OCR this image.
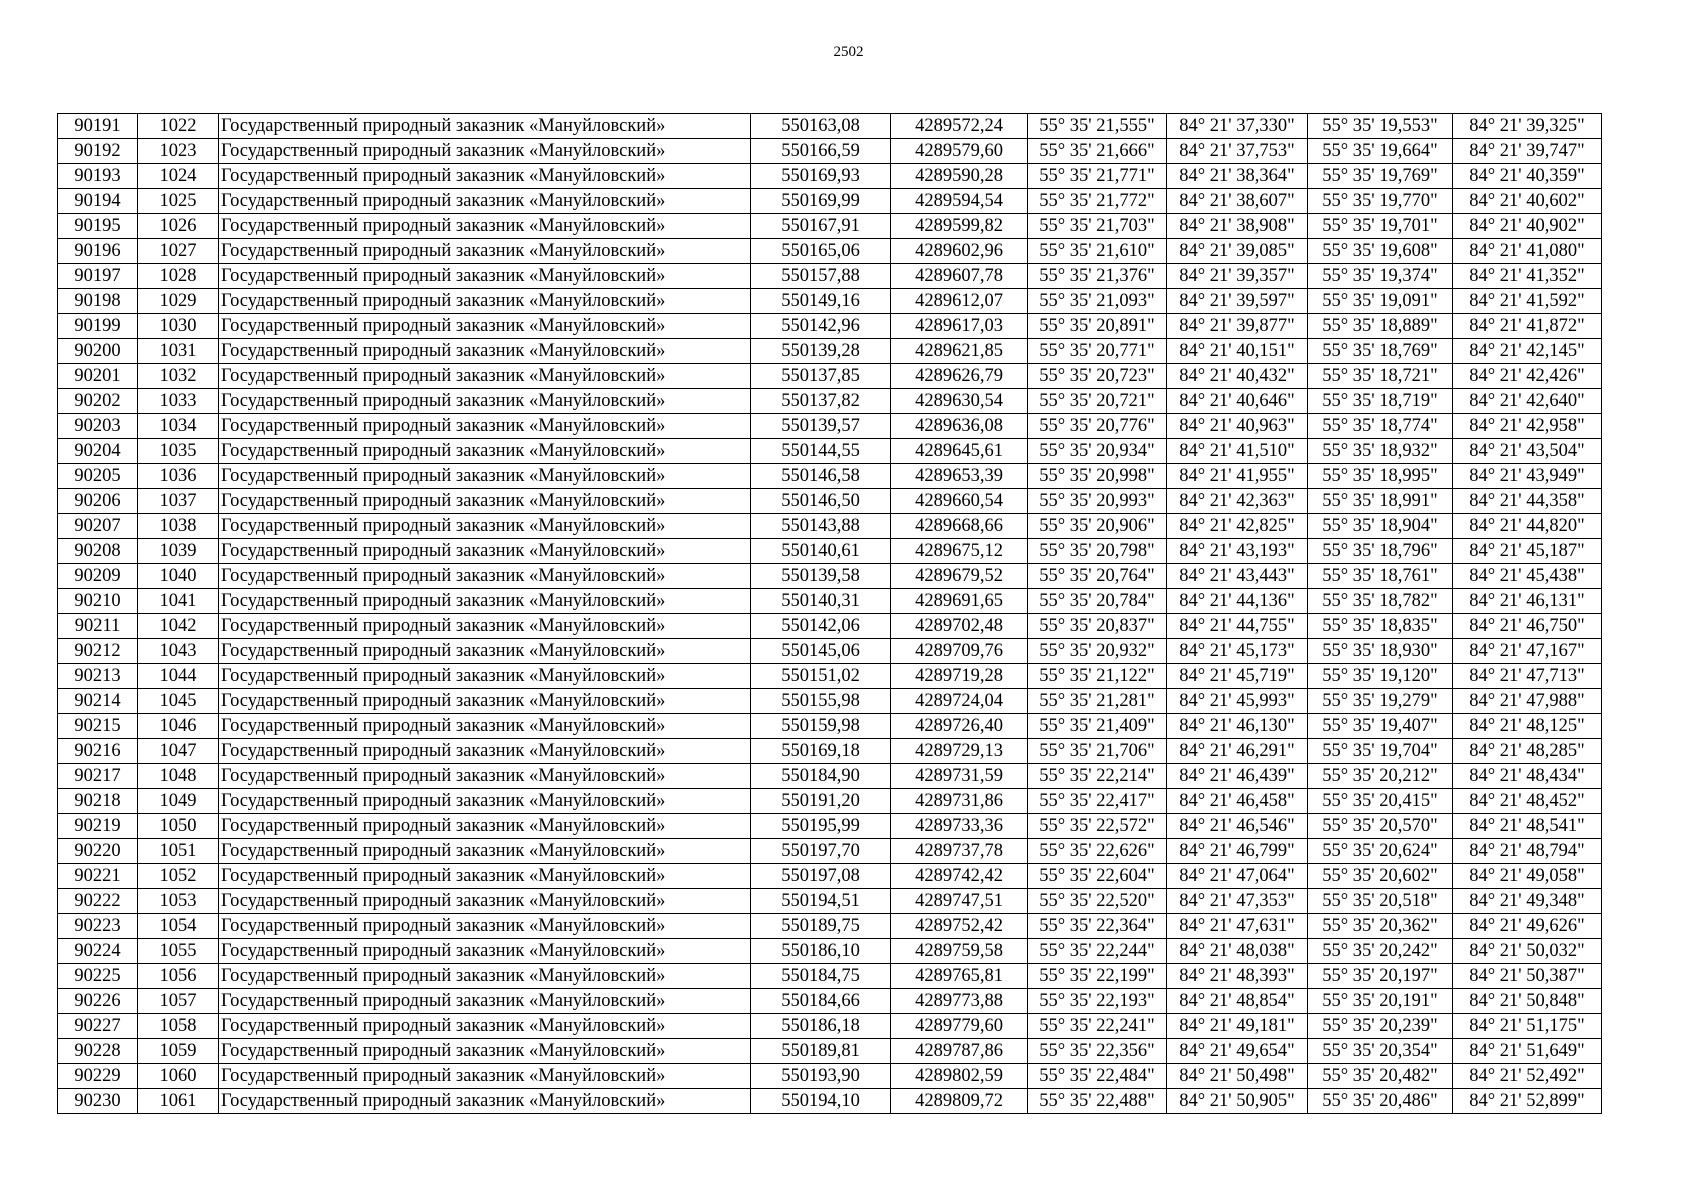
2502
90191	1022	Государственный природный заказник «Мануйловский»	550163,08	4289572,24	55° 35' 21,555"	84° 21' 37,330"	55° 35' 19,553"	84° 21' 39,325"
90192	1023	Государственный природный заказник «Мануйловский»	550166,59	4289579,60	55° 35' 21,666"	84° 21' 37,753"	55° 35' 19,664"	84° 21' 39,747"
90193	1024	Государственный природный заказник «Мануйловский»	550169,93	4289590,28	55° 35' 21,771"	84° 21' 38,364"	55° 35' 19,769"	84° 21' 40,359"
90194	1025	Государственный природный заказник «Мануйловский»	550169,99	4289594,54	55° 35' 21,772"	84° 21' 38,607"	55° 35' 19,770"	84° 21' 40,602"
90195	1026	Государственный природный заказник «Мануйловский»	550167,91	4289599,82	55° 35' 21,703"	84° 21' 38,908"	55° 35' 19,701"	84° 21' 40,902"
90196	1027	Государственный природный заказник «Мануйловский»	550165,06	4289602,96	55° 35' 21,610"	84° 21' 39,085"	55° 35' 19,608"	84° 21' 41,080"
90197	1028	Государственный природный заказник «Мануйловский»	550157,88	4289607,78	55° 35' 21,376"	84° 21' 39,357"	55° 35' 19,374"	84° 21' 41,352"
90198	1029	Государственный природный заказник «Мануйловский»	550149,16	4289612,07	55° 35' 21,093"	84° 21' 39,597"	55° 35' 19,091"	84° 21' 41,592"
90199	1030	Государственный природный заказник «Мануйловский»	550142,96	4289617,03	55° 35' 20,891"	84° 21' 39,877"	55° 35' 18,889"	84° 21' 41,872"
90200	1031	Государственный природный заказник «Мануйловский»	550139,28	4289621,85	55° 35' 20,771"	84° 21' 40,151"	55° 35' 18,769"	84° 21' 42,145"
90201	1032	Государственный природный заказник «Мануйловский»	550137,85	4289626,79	55° 35' 20,723"	84° 21' 40,432"	55° 35' 18,721"	84° 21' 42,426"
90202	1033	Государственный природный заказник «Мануйловский»	550137,82	4289630,54	55° 35' 20,721"	84° 21' 40,646"	55° 35' 18,719"	84° 21' 42,640"
90203	1034	Государственный природный заказник «Мануйловский»	550139,57	4289636,08	55° 35' 20,776"	84° 21' 40,963"	55° 35' 18,774"	84° 21' 42,958"
90204	1035	Государственный природный заказник «Мануйловский»	550144,55	4289645,61	55° 35' 20,934"	84° 21' 41,510"	55° 35' 18,932"	84° 21' 43,504"
90205	1036	Государственный природный заказник «Мануйловский»	550146,58	4289653,39	55° 35' 20,998"	84° 21' 41,955"	55° 35' 18,995"	84° 21' 43,949"
90206	1037	Государственный природный заказник «Мануйловский»	550146,50	4289660,54	55° 35' 20,993"	84° 21' 42,363"	55° 35' 18,991"	84° 21' 44,358"
90207	1038	Государственный природный заказник «Мануйловский»	550143,88	4289668,66	55° 35' 20,906"	84° 21' 42,825"	55° 35' 18,904"	84° 21' 44,820"
90208	1039	Государственный природный заказник «Мануйловский»	550140,61	4289675,12	55° 35' 20,798"	84° 21' 43,193"	55° 35' 18,796"	84° 21' 45,187"
90209	1040	Государственный природный заказник «Мануйловский»	550139,58	4289679,52	55° 35' 20,764"	84° 21' 43,443"	55° 35' 18,761"	84° 21' 45,438"
90210	1041	Государственный природный заказник «Мануйловский»	550140,31	4289691,65	55° 35' 20,784"	84° 21' 44,136"	55° 35' 18,782"	84° 21' 46,131"
90211	1042	Государственный природный заказник «Мануйловский»	550142,06	4289702,48	55° 35' 20,837"	84° 21' 44,755"	55° 35' 18,835"	84° 21' 46,750"
90212	1043	Государственный природный заказник «Мануйловский»	550145,06	4289709,76	55° 35' 20,932"	84° 21' 45,173"	55° 35' 18,930"	84° 21' 47,167"
90213	1044	Государственный природный заказник «Мануйловский»	550151,02	4289719,28	55° 35' 21,122"	84° 21' 45,719"	55° 35' 19,120"	84° 21' 47,713"
90214	1045	Государственный природный заказник «Мануйловский»	550155,98	4289724,04	55° 35' 21,281"	84° 21' 45,993"	55° 35' 19,279"	84° 21' 47,988"
90215	1046	Государственный природный заказник «Мануйловский»	550159,98	4289726,40	55° 35' 21,409"	84° 21' 46,130"	55° 35' 19,407"	84° 21' 48,125"
90216	1047	Государственный природный заказник «Мануйловский»	550169,18	4289729,13	55° 35' 21,706"	84° 21' 46,291"	55° 35' 19,704"	84° 21' 48,285"
90217	1048	Государственный природный заказник «Мануйловский»	550184,90	4289731,59	55° 35' 22,214"	84° 21' 46,439"	55° 35' 20,212"	84° 21' 48,434"
90218	1049	Государственный природный заказник «Мануйловский»	550191,20	4289731,86	55° 35' 22,417"	84° 21' 46,458"	55° 35' 20,415"	84° 21' 48,452"
90219	1050	Государственный природный заказник «Мануйловский»	550195,99	4289733,36	55° 35' 22,572"	84° 21' 46,546"	55° 35' 20,570"	84° 21' 48,541"
90220	1051	Государственный природный заказник «Мануйловский»	550197,70	4289737,78	55° 35' 22,626"	84° 21' 46,799"	55° 35' 20,624"	84° 21' 48,794"
90221	1052	Государственный природный заказник «Мануйловский»	550197,08	4289742,42	55° 35' 22,604"	84° 21' 47,064"	55° 35' 20,602"	84° 21' 49,058"
90222	1053	Государственный природный заказник «Мануйловский»	550194,51	4289747,51	55° 35' 22,520"	84° 21' 47,353"	55° 35' 20,518"	84° 21' 49,348"
90223	1054	Государственный природный заказник «Мануйловский»	550189,75	4289752,42	55° 35' 22,364"	84° 21' 47,631"	55° 35' 20,362"	84° 21' 49,626"
90224	1055	Государственный природный заказник «Мануйловский»	550186,10	4289759,58	55° 35' 22,244"	84° 21' 48,038"	55° 35' 20,242"	84° 21' 50,032"
90225	1056	Государственный природный заказник «Мануйловский»	550184,75	4289765,81	55° 35' 22,199"	84° 21' 48,393"	55° 35' 20,197"	84° 21' 50,387"
90226	1057	Государственный природный заказник «Мануйловский»	550184,66	4289773,88	55° 35' 22,193"	84° 21' 48,854"	55° 35' 20,191"	84° 21' 50,848"
90227	1058	Государственный природный заказник «Мануйловский»	550186,18	4289779,60	55° 35' 22,241"	84° 21' 49,181"	55° 35' 20,239"	84° 21' 51,175"
90228	1059	Государственный природный заказник «Мануйловский»	550189,81	4289787,86	55° 35' 22,356"	84° 21' 49,654"	55° 35' 20,354"	84° 21' 51,649"
90229	1060	Государственный природный заказник «Мануйловский»	550193,90	4289802,59	55° 35' 22,484"	84° 21' 50,498"	55° 35' 20,482"	84° 21' 52,492"
90230	1061	Государственный природный заказник «Мануйловский»	550194,10	4289809,72	55° 35' 22,488"	84° 21' 50,905"	55° 35' 20,486"	84° 21' 52,899"
